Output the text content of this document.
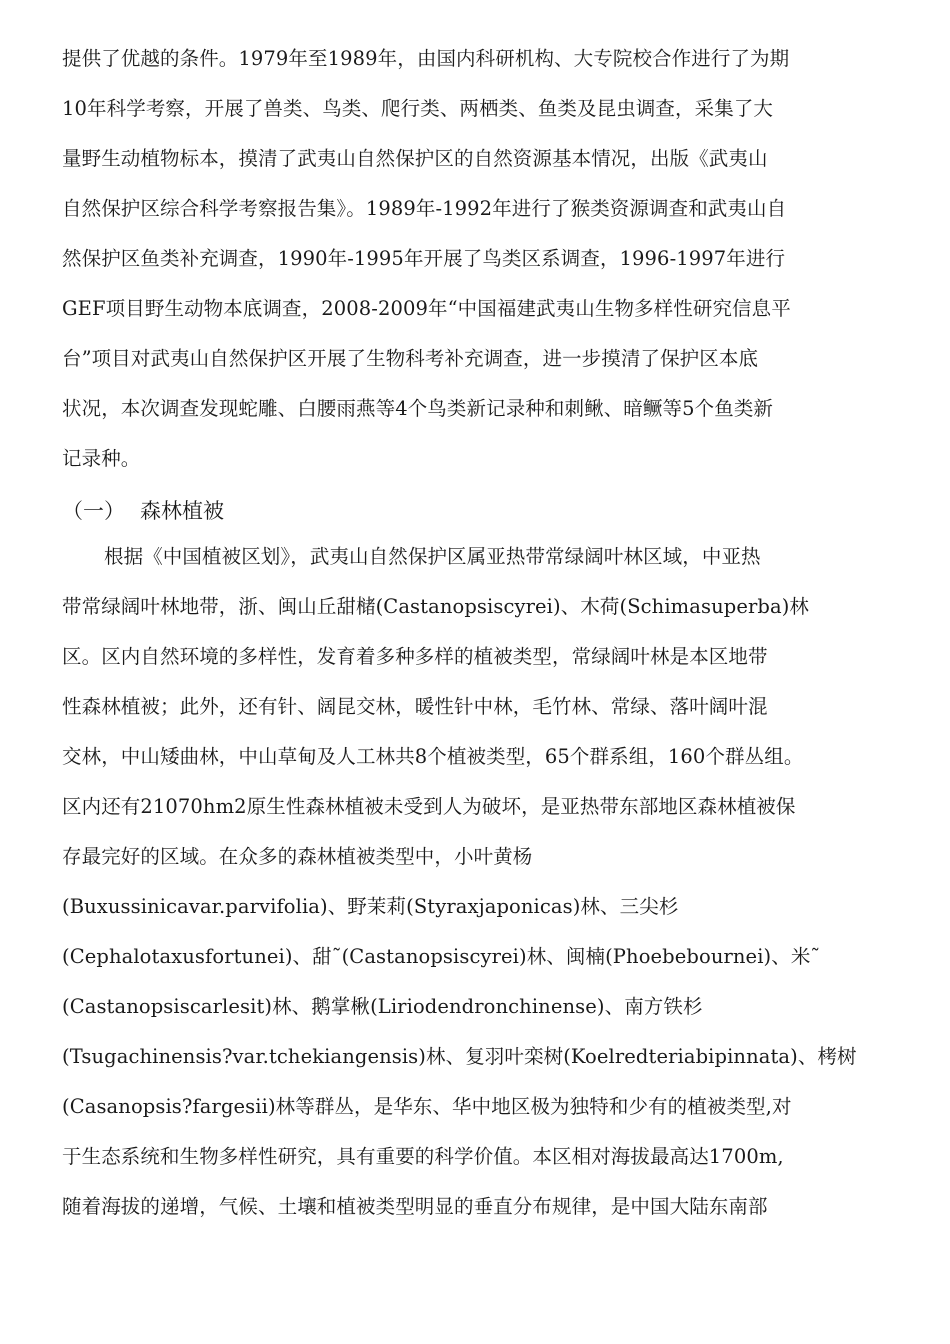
提供了优越的条件。1979年至1989年，由国内科研机构、大专院校合作进行了为期
10年科学考察，开展了兽类、鸟类、爬行类、两栖类、鱼类及昆虫调查，采集了大
量野生动植物标本，摸清了武夷山自然保护区的自然资源基本情况，出版《武夷山
自然保护区综合科学考察报告集》。1989年-1992年进行了猴类资源调查和武夷山自
然保护区鱼类补充调查，1990年-1995年开展了鸟类区系调查，1996-1997年进行
GEF项目野生动物本底调查，2008-2009年“中国福建武夷山生物多样性研究信息平
台”项目对武夷山自然保护区开展了生物科考补充调查，进一步摸清了保护区本底
状况，本次调查发现蛇雕、白腰雨燕等4个鸟类新记录种和刺鳅、暗鳜等5个鱼类新
记录种。
（一） 森林植被
根据《中国植被区划》，武夷山自然保护区属亚热带常绿阔叶林区域，中亚热
带常绿阔叶林地带，浙、闽山丘甜槠(Castanopsiscyrei)、木荷(Schimasuperba)林
区。区内自然环境的多样性，发育着多种多样的植被类型，常绿阔叶林是本区地带
性森林植被；此外，还有针、阔昆交林，暖性针中林，毛竹林、常绿、落叶阔叶混
交林，中山矮曲林，中山草甸及人工林共8个植被类型，65个群系组，160个群丛组。
区内还有21070hm2原生性森林植被未受到人为破坏，是亚热带东部地区森林植被保
存最完好的区域。在众多的森林植被类型中，小叶黄杨
(Buxussinicavar.parvifolia)、野茉莉(Styraxjaponicas)林、三尖杉
(Cephalotaxusfortunei)、甜˜(Castanopsiscyrei)林、闽楠(Phoebebournei)、米˜
(Castanopsiscarlesit)林、鹅掌楸(Liriodendronchinense)、南方铁杉
(Tsugachinensis?var.tchekiangensis)林、复羽叶栾树(Koelredteriabipinnata)、栲树
(Casanopsis?fargesii)林等群丛，是华东、华中地区极为独特和少有的植被类型,对
于生态系统和生物多样性研究，具有重要的科学价值。本区相对海拔最高达1700m,
随着海拔的递增，气候、土壤和植被类型明显的垂直分布规律，是中国大陆东南部
